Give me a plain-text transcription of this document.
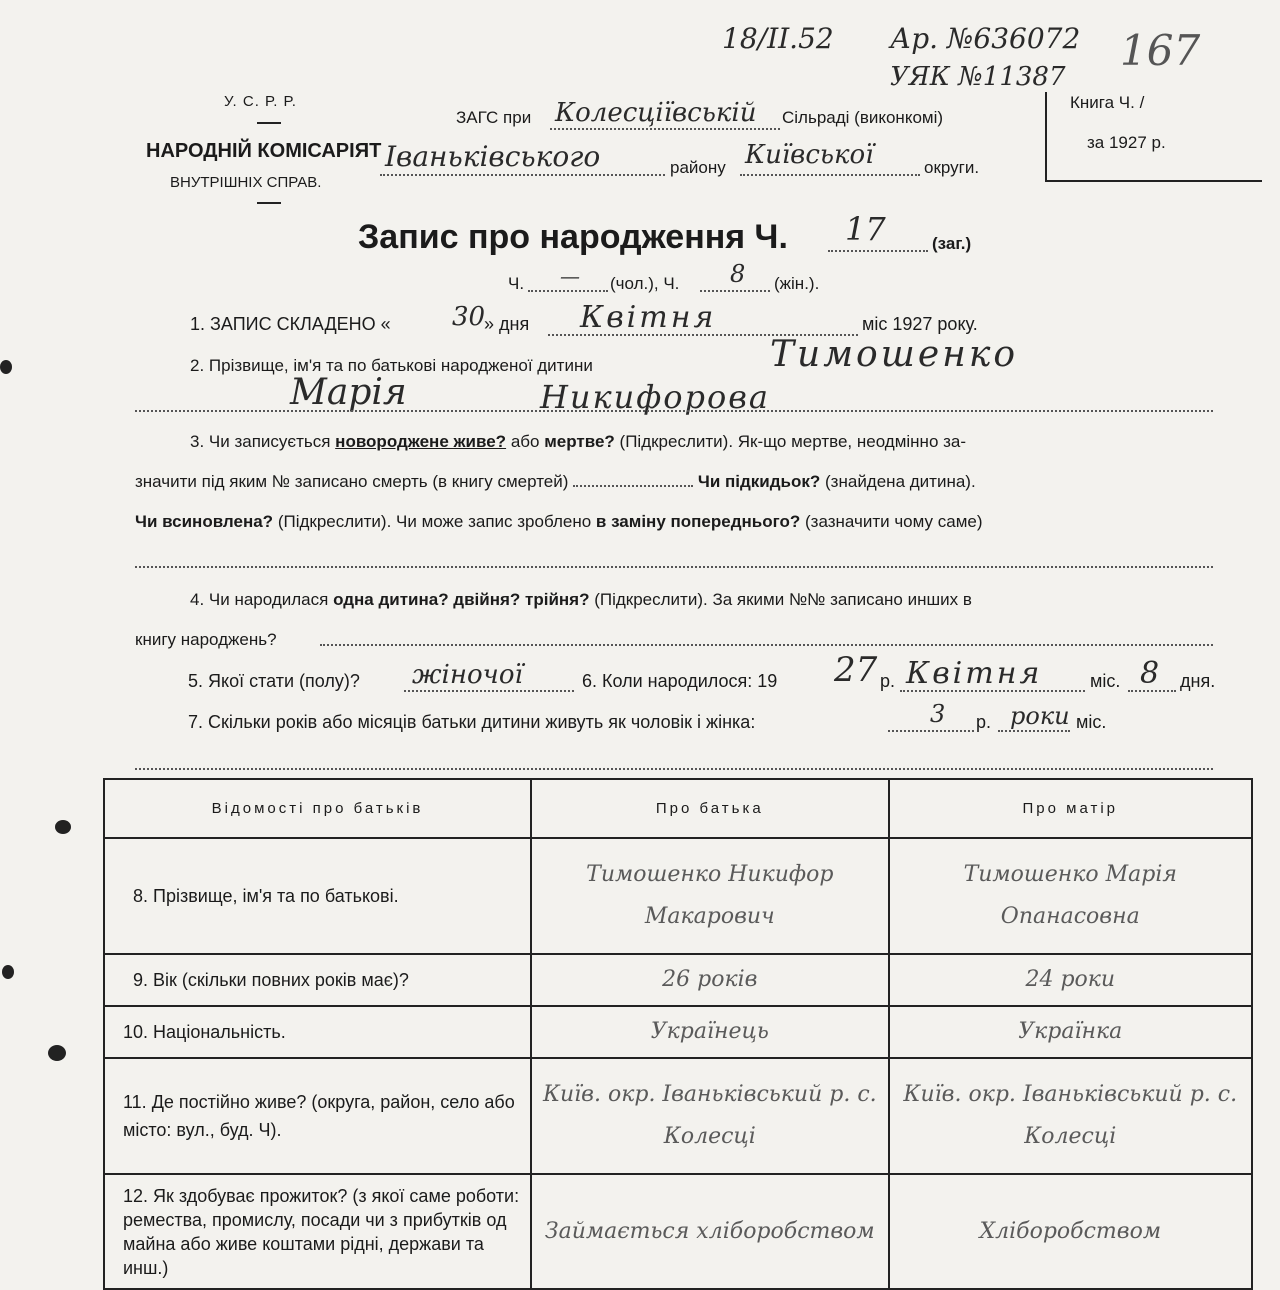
18/II.52 Ар. №636072
УЯК №11387
167
У. С. Р. Р.
НАРОДНІЙ КОМІСАРІЯТ
ВНУТРІШНІХ СПРАВ.
ЗАГС при Колесціївській Сільраді (виконкомі)
Іваньківського	району Київської	округи.
Книга Ч. /
за 1927 р.
Запис про народження Ч. 17	(заг.)
Ч. — (чол.), Ч. 8 (жін.).
1. ЗАПИС СКЛАДЕНО « 30
» дня Квітня	міс 1927 року.
2. Прізвище, ім'я та по батькові народженої дитини	Тимошенко
Марія	Никифорова
3. Чи записується новороджене живе? або мертве? (Підкреслити). Як-що мертве, неодмінно за-
значити під яким № записано смерть (в книгу смертей)	Чи підкидьок? (знайдена дитина).
Чи всиновлена? (Підкреслити). Чи може запис зроблено в заміну попереднього? (зазначити чому саме)
4. Чи народилася одна дитина? двійня? трійня? (Підкреслити). За якими №№ записано инших в
книгу народжень?
5. Якої стати (полу)? жіночої	6. Коли народилося: 19 27 р. Квітня	міс. 8 дня.
7. Скільки років або місяців батьки дитини живуть як чоловік і жінка:	3 р. роки міс.
Відомості про батьків	Про батька	Про матір
8. Прізвище, ім'я та по батькові.	Тимошенко Никифор Макарович	Тимошенко Марія Опанасовна
9. Вік (скільки повних років має)?	26 років	24 роки
10. Національність.	Українець	Українка
11. Де постійно живе? (округа, район, село або місто: вул., буд. Ч).	Київ. окр. Іваньківський р. с. Колесці	Київ. окр. Іваньківський р. с. Колесці
12. Як здобуває прожиток? (з якої саме роботи: ремества, промислу, посади чи з прибутків од майна або живе коштами рідні, держави та инш.)	Займається хліборобством	Хліборобством
